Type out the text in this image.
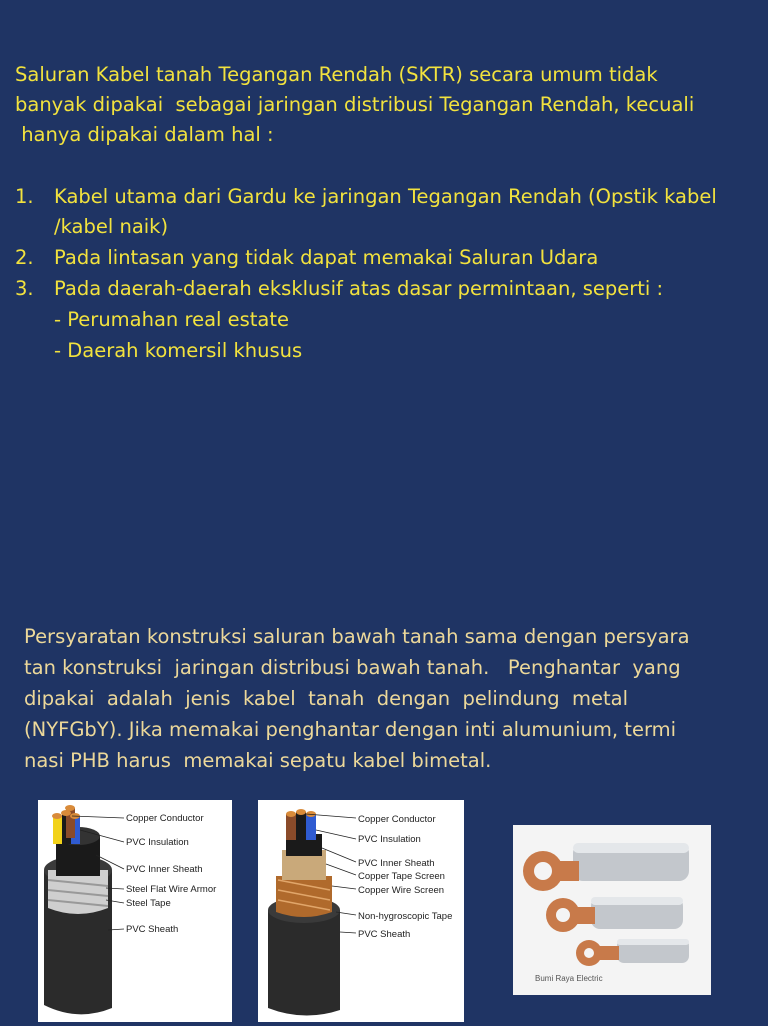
Saluran Kabel tanah Tegangan Rendah (SKTR) secara umum tidak
banyak dipakai  sebagai jaringan distribusi Tegangan Rendah, kecuali
hanya dipakai dalam hal :
1. Kabel utama dari Gardu ke jaringan Tegangan Rendah (Opstik kabel
/kabel naik)
2. Pada lintasan yang tidak dapat memakai Saluran Udara
3. Pada daerah-daerah eksklusif atas dasar permintaan, seperti :
- Perumahan real estate
- Daerah komersil khusus
Persyaratan konstruksi saluran bawah tanah sama dengan persyara
tan konstruksi  jaringan distribusi bawah tanah.   Penghantar  yang
dipakai  adalah  jenis  kabel  tanah  dengan  pelindung  metal
(NYFGbY). Jika memakai penghantar dengan inti alumunium, termi
nasi PHB harus  memakai sepatu kabel bimetal.
Copper Conductor
PVC Insulation
PVC Inner Sheath
Steel Flat Wire Armor
Steel Tape
PVC Sheath
Copper Conductor
PVC Insulation
PVC Inner Sheath
Copper Tape Screen
Copper Wire Screen
Non-hygroscopic Tape
PVC Sheath
Bumi Raya Electric
